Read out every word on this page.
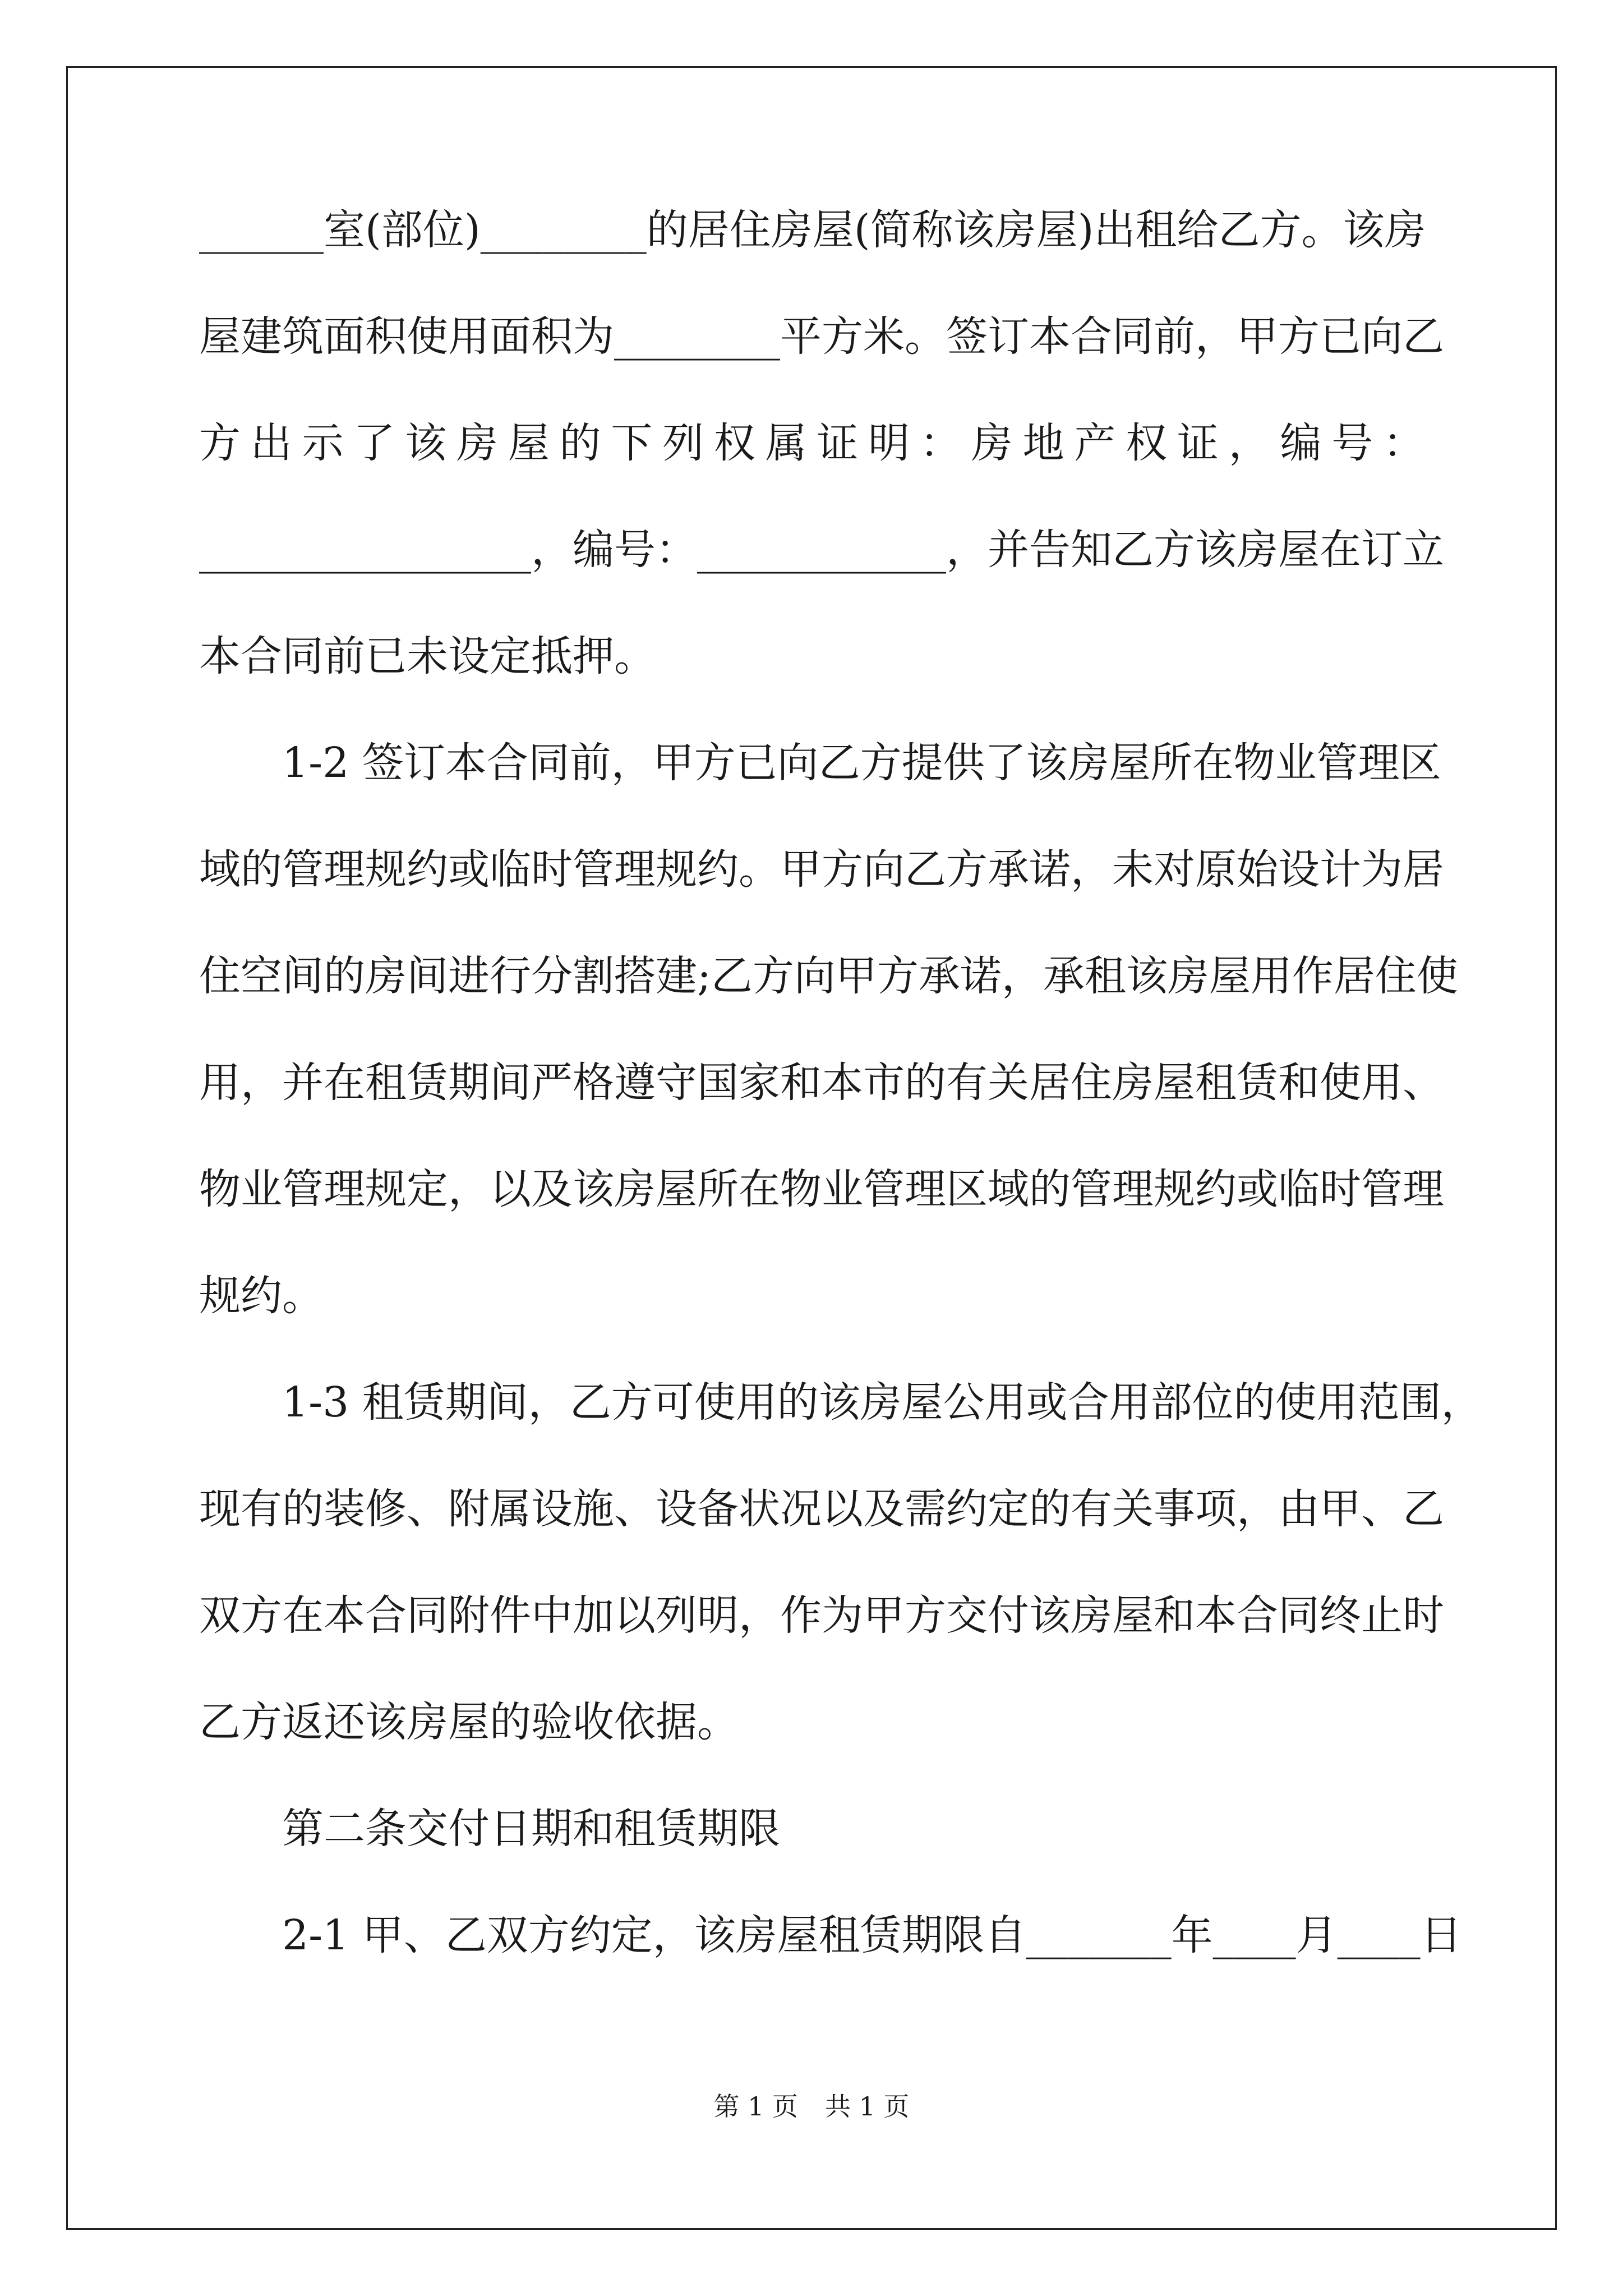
______室(部位)________的居住房屋(简称该房屋)出租给乙方。该房
屋建筑面积使用面积为________平方米。签订本合同前，甲方已向乙
方出示了该房屋的下列权属证明：房地产权证，编号：
________________，编号：____________，并告知乙方该房屋在订立
本合同前已未设定抵押。
　　1-2 签订本合同前，甲方已向乙方提供了该房屋所在物业管理区
域的管理规约或临时管理规约。甲方向乙方承诺，未对原始设计为居
住空间的房间进行分割搭建;乙方向甲方承诺，承租该房屋用作居住使
用，并在租赁期间严格遵守国家和本市的有关居住房屋租赁和使用、
物业管理规定，以及该房屋所在物业管理区域的管理规约或临时管理
规约。
　　1-3 租赁期间，乙方可使用的该房屋公用或合用部位的使用范围，
现有的装修、附属设施、设备状况以及需约定的有关事项，由甲、乙
双方在本合同附件中加以列明，作为甲方交付该房屋和本合同终止时
乙方返还该房屋的验收依据。
　　第二条交付日期和租赁期限
　　2-1 甲、乙双方约定，该房屋租赁期限自_______年____月____日
第 1 页 共 1 页
